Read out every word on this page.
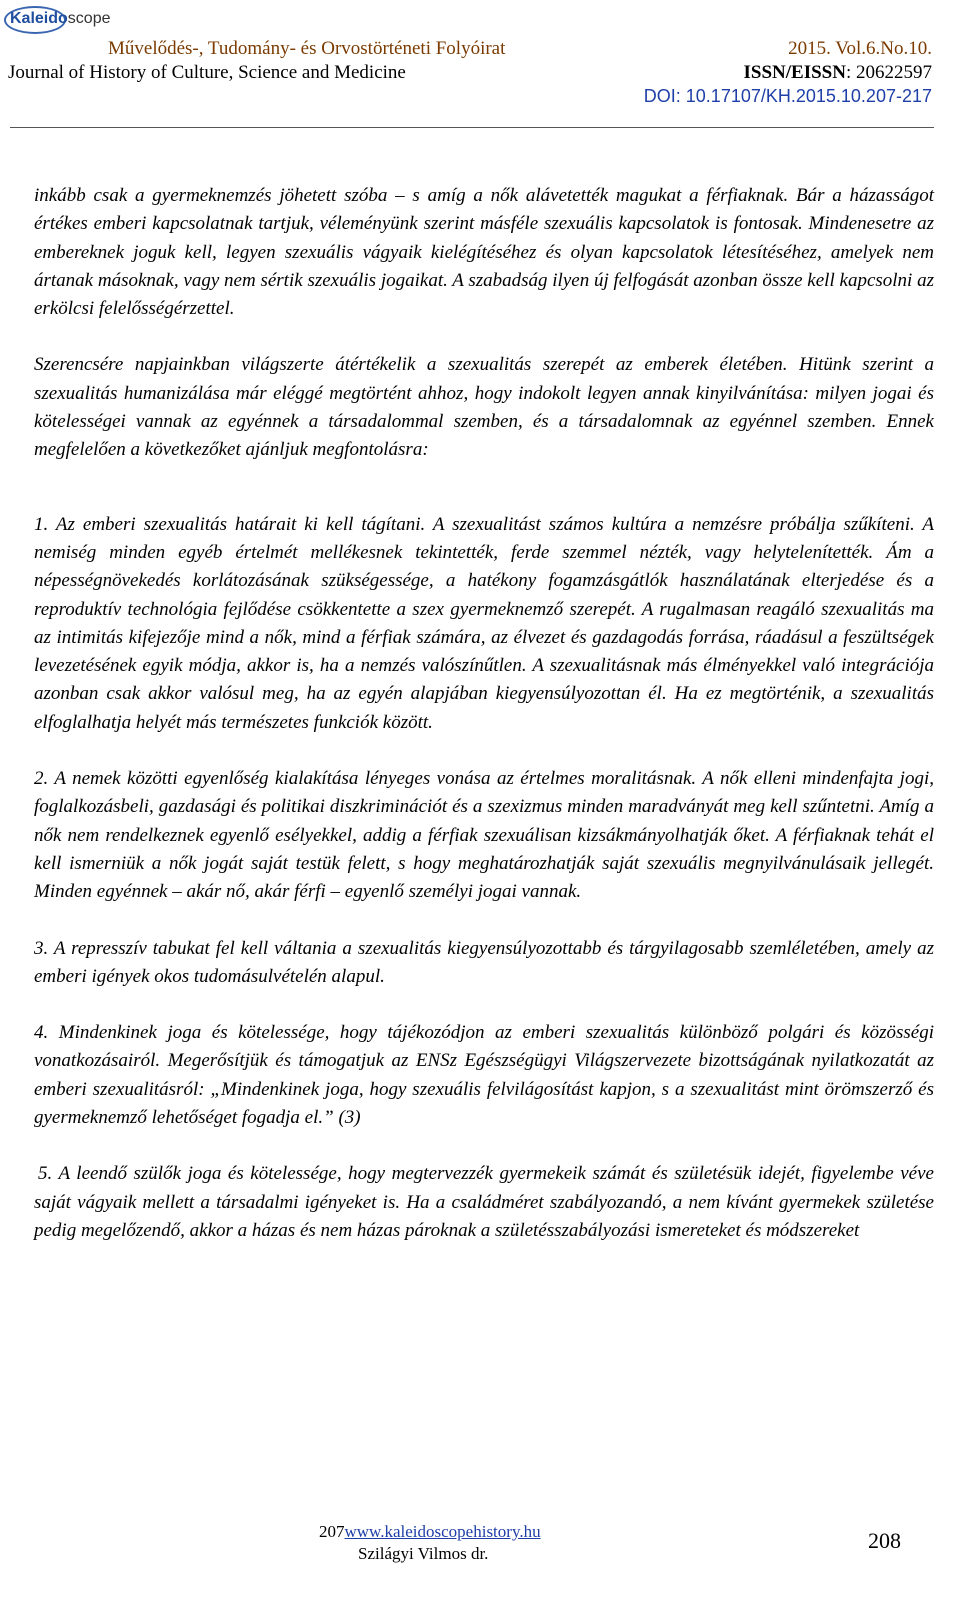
Kaleidoscope
Művelődés-, Tudomány- és Orvostörténeti Folyóirat	2015. Vol.6.No.10.
Journal of History of Culture, Science and Medicine	ISSN/EISSN: 20622597
DOI: 10.17107/KH.2015.10.207-217

inkább csak a gyermeknemzés jöhetett szóba – s amíg a nők alávetették magukat a férfiaknak. Bár a házasságot értékes emberi kapcsolatnak tartjuk, véleményünk szerint másféle szexuális kapcsolatok is fontosak. Mindenesetre az embereknek joguk kell, legyen szexuális vágyaik kielégítéséhez és olyan kapcsolatok létesítéséhez, amelyek nem ártanak másoknak, vagy nem sértik szexuális jogaikat. A szabadság ilyen új felfogását azonban össze kell kapcsolni az erkölcsi felelősségérzettel.

Szerencsére napjainkban világszerte átértékelik a szexualitás szerepét az emberek életében. Hitünk szerint a szexualitás humanizálása már eléggé megtörtént ahhoz, hogy indokolt legyen annak kinyilvánítása: milyen jogai és kötelességei vannak az egyénnek a társadalommal szemben, és a társadalomnak az egyénnel szemben. Ennek megfelelően a következőket ajánljuk megfontolásra:

1. Az emberi szexualitás határait ki kell tágítani. A szexualitást számos kultúra a nemzésre próbálja szűkíteni. A nemiség minden egyéb értelmét mellékesnek tekintették, ferde szemmel nézték, vagy helytelenítették. Ám a népességnövekedés korlátozásának szükségessége, a hatékony fogamzásgátlók használatának elterjedése és a reproduktív technológia fejlődése csökkentette a szex gyermeknemző szerepét. A rugalmasan reagáló szexualitás ma az intimitás kifejezője mind a nők, mind a férfiak számára, az élvezet és gazdagodás forrása, ráadásul a feszültségek levezetésének egyik módja, akkor is, ha a nemzés valószínűtlen. A szexualitásnak más élményekkel való integrációja azonban csak akkor valósul meg, ha az egyén alapjában kiegyensúlyozottan él. Ha ez megtörténik, a szexualitás elfoglalhatja helyét más természetes funkciók között.

2. A nemek közötti egyenlőség kialakítása lényeges vonása az értelmes moralitásnak. A nők elleni mindenfajta jogi, foglalkozásbeli, gazdasági és politikai diszkriminációt és a szexizmus minden maradványát meg kell szűntetni. Amíg a nők nem rendelkeznek egyenlő esélyekkel, addig a férfiak szexuálisan kizsákmányolhatják őket. A férfiaknak tehát el kell ismerniük a nők jogát saját testük felett, s hogy meghatározhatják saját szexuális megnyilvánulásaik jellegét. Minden egyénnek – akár nő, akár férfi – egyenlő személyi jogai vannak.

3. A represszív tabukat fel kell váltania a szexualitás kiegyensúlyozottabb és tárgyilagosabb szemléletében, amely az emberi igények okos tudomásulvételén alapul.

4. Mindenkinek joga és kötelessége, hogy tájékozódjon az emberi szexualitás különböző polgári és közösségi vonatkozásairól. Megerősítjük és támogatjuk az ENSz Egészségügyi Világszervezete bizottságának nyilatkozatát az emberi szexualitásról: „Mindenkinek joga, hogy szexuális felvilágosítást kapjon, s a szexualitást mint örömszerző és gyermeknemző lehetőséget fogadja el.” (3)

5. A leendő szülők joga és kötelessége, hogy megtervezzék gyermekeik számát és születésük idejét, figyelembe véve saját vágyaik mellett a társadalmi igényeket is. Ha a családméret szabályozandó, a nem kívánt gyermekek születése pedig megelőzendő, akkor a házas és nem házas pároknak a születésszabályozási ismereteket és módszereket

207www.kaleidoscopehistory.hu
Szilágyi Vilmos dr.
208
